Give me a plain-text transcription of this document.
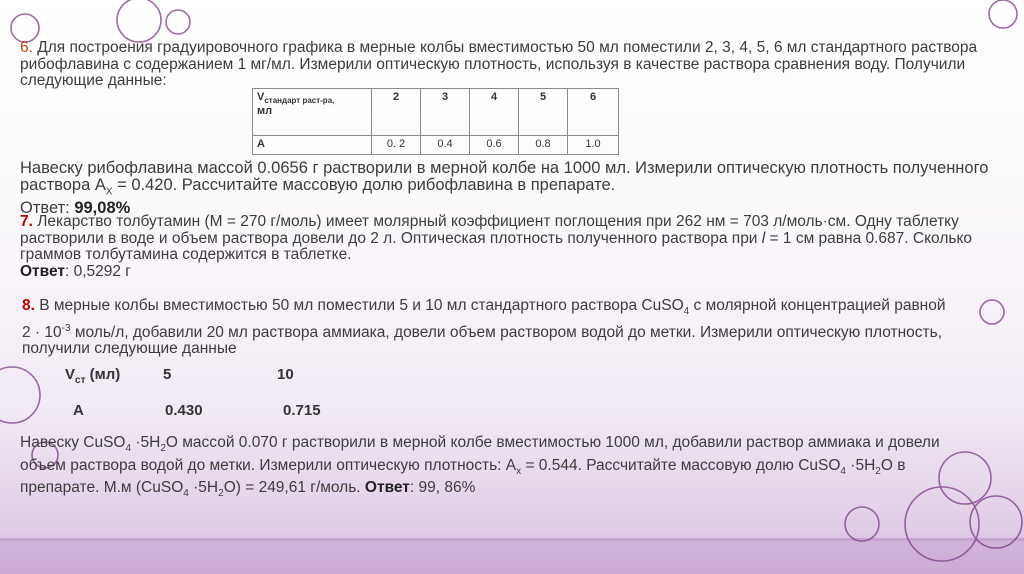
6. Для построения градуировочного графика в мерные колбы вместимостью 50 мл поместили 2, 3, 4, 5, 6 мл стандартного раствора рибофлавина с содержанием 1 мг/мл. Измерили оптическую плотность, используя в качестве раствора сравнения воду. Получили следующие данные:

$V_{стандарт раст-ра,}$
мл	2	3	4	5	6
А	0. 2	0.4	0.6	0.8	1.0

Навеску рибофлавина массой 0.0656 г растворили в мерной колбе на 1000 мл. Измерили оптическую плотность полученного раствора $А_X = 0.420$. Рассчитайте массовую долю рибофлавина в препарате.
Ответ: 99,08%

7. Лекарство толбутамин (М = 270 г/моль) имеет молярный коэффициент поглощения при 262 нм = 703 л/моль·см. Одну таблетку растворили в воде и объем раствора довели до 2 л. Оптическая плотность полученного раствора при l = 1 см равна 0.687. Сколько граммов толбутамина содержится в таблетке.
Ответ: 0,5292 г

8. В мерные колбы вместимостью 50 мл поместили 5 и 10 мл стандартного раствора CuSO$_4$ с молярной концентрацией равной $2 \cdot 10^{-3}$ моль/л, добавили 20 мл раствора аммиака, довели объем раствором водой до метки. Измерили оптическую плотность, получили следующие данные

$V_{ст}$ (мл)	5	10
А	0.430	0.715

Навеску CuSO$_4$ $\cdot 5H_2O$ массой 0.070 г растворили в мерной колбе вместимостью 1000 мл, добавили раствор аммиака и довели объем раствора водой до метки. Измерили оптическую плотность: $А_х = 0.544$. Рассчитайте массовую долю CuSO$_4$ $\cdot 5H_2O$ в препарате. М.м (CuSO$_4$ $\cdot 5H_2O) = 249,61$ г/моль. Ответ: 99, 86%
